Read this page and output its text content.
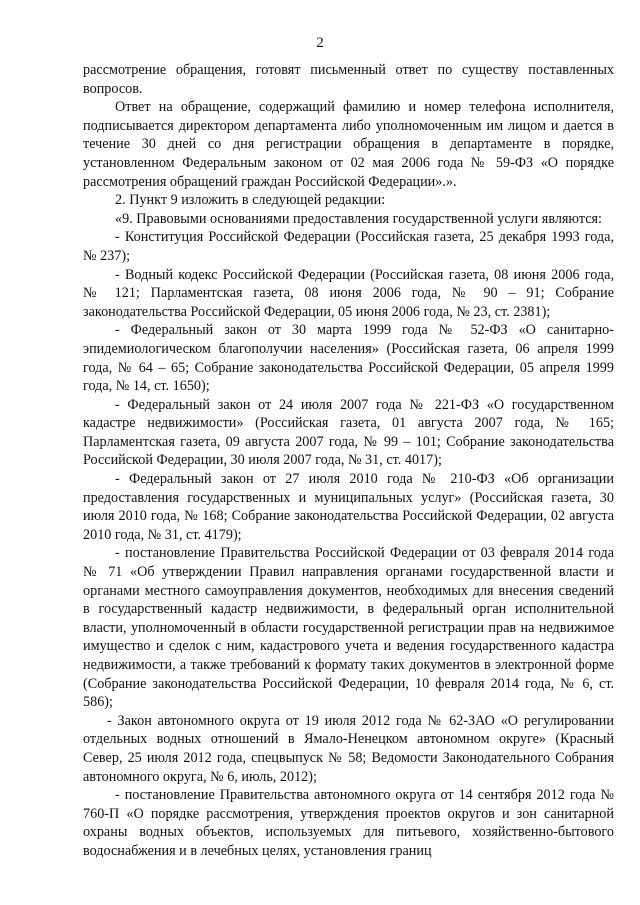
2

рассмотрение обращения, готовят письменный ответ по существу поставленных вопросов.

Ответ на обращение, содержащий фамилию и номер телефона исполнителя, подписывается директором департамента либо уполномоченным им лицом и дается в течение 30 дней со дня регистрации обращения в департаменте в порядке, установленном Федеральным законом от 02 мая 2006 года № 59-ФЗ «О порядке рассмотрения обращений граждан Российской Федерации».».

2. Пункт 9 изложить в следующей редакции:

«9. Правовыми основаниями предоставления государственной услуги являются:

- Конституция Российской Федерации (Российская газета, 25 декабря 1993 года, № 237);

- Водный кодекс Российской Федерации (Российская газета, 08 июня 2006 года, № 121; Парламентская газета, 08 июня 2006 года, № 90 – 91; Собрание законодательства Российской Федерации, 05 июня 2006 года, № 23, ст. 2381);

- Федеральный закон от 30 марта 1999 года № 52-ФЗ «О санитарно-эпидемиологическом благополучии населения» (Российская газета, 06 апреля 1999 года, № 64 – 65; Собрание законодательства Российской Федерации, 05 апреля 1999 года, № 14, ст. 1650);

- Федеральный закон от 24 июля 2007 года № 221-ФЗ «О государственном кадастре недвижимости» (Российская газета, 01 августа 2007 года, № 165; Парламентская газета, 09 августа 2007 года, № 99 – 101; Собрание законодательства Российской Федерации, 30 июля 2007 года, № 31, ст. 4017);

- Федеральный закон от 27 июля 2010 года № 210-ФЗ «Об организации предоставления государственных и муниципальных услуг» (Российская газета, 30 июля 2010 года, № 168; Собрание законодательства Российской Федерации, 02 августа 2010 года, № 31, ст. 4179);

- постановление Правительства Российской Федерации от 03 февраля 2014 года № 71 «Об утверждении Правил направления органами государственной власти и органами местного самоуправления документов, необходимых для внесения сведений в государственный кадастр недвижимости, в федеральный орган исполнительной власти, уполномоченный в области государственной регистрации прав на недвижимое имущество и сделок с ним, кадастрового учета и ведения государственного кадастра недвижимости, а также требований к формату таких документов в электронной форме (Собрание законодательства Российской Федерации, 10 февраля 2014 года, № 6, ст. 586);

- Закон автономного округа от 19 июля 2012 года № 62-ЗАО «О регулировании отдельных водных отношений в Ямало-Ненецком автономном округе» (Красный Север, 25 июля 2012 года, спецвыпуск № 58; Ведомости Законодательного Собрания автономного округа, № 6, июль, 2012);

- постановление Правительства автономного округа от 14 сентября 2012 года № 760-П «О порядке рассмотрения, утверждения проектов округов и зон санитарной охраны водных объектов, используемых для питьевого, хозяйственно-бытового водоснабжения и в лечебных целях, установления границ
